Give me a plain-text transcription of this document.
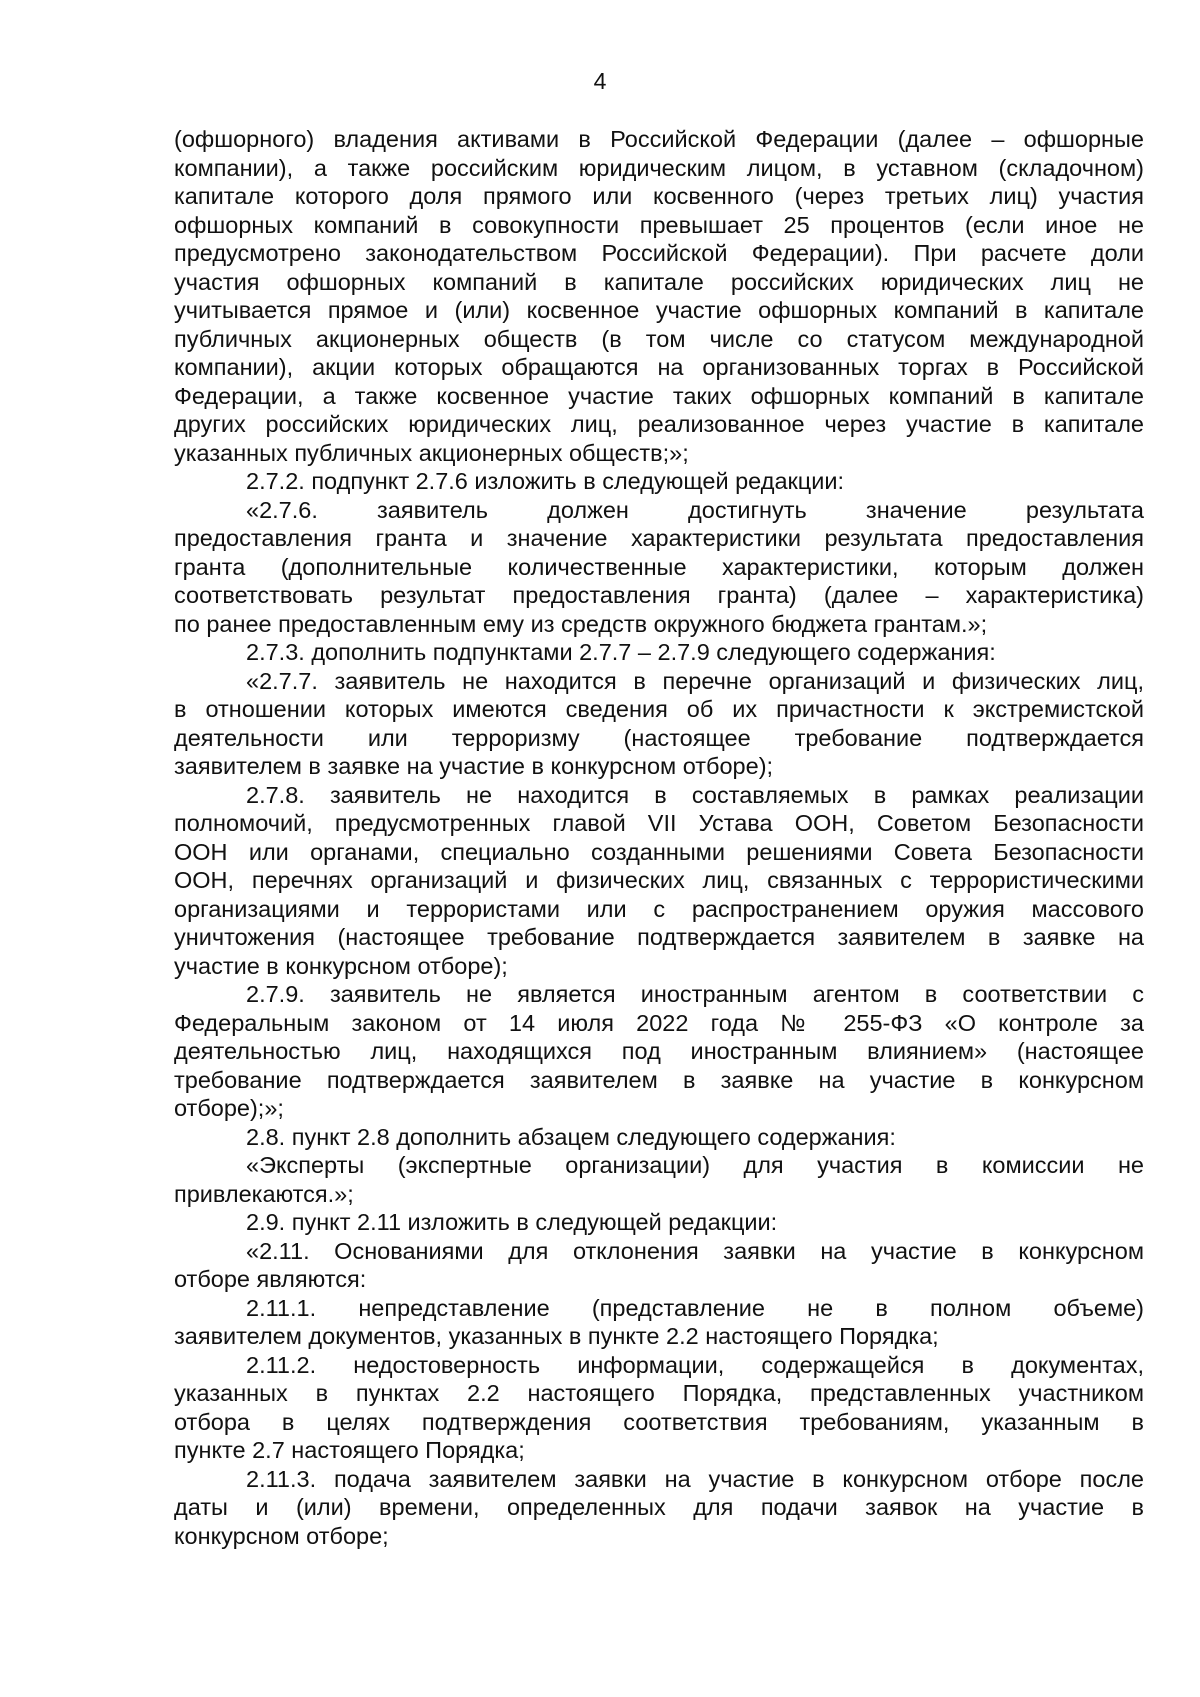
4
(офшорного) владения активами в Российской Федерации (далее – офшорные
компании), а также российским юридическим лицом, в уставном (складочном)
капитале которого доля прямого или косвенного (через третьих лиц) участия
офшорных компаний в совокупности превышает 25 процентов (если иное не
предусмотрено законодательством Российской Федерации). При расчете доли
участия офшорных компаний в капитале российских юридических лиц не
учитывается прямое и (или) косвенное участие офшорных компаний в капитале
публичных акционерных обществ (в том числе со статусом международной
компании), акции которых обращаются на организованных торгах в Российской
Федерации, а также косвенное участие таких офшорных компаний в капитале
других российских юридических лиц, реализованное через участие в капитале
указанных публичных акционерных обществ;»;
2.7.2. подпункт 2.7.6 изложить в следующей редакции:
«2.7.6. заявитель должен достигнуть значение результата
предоставления гранта и значение характеристики результата предоставления
гранта (дополнительные количественные характеристики, которым должен
соответствовать результат предоставления гранта) (далее – характеристика)
по ранее предоставленным ему из средств окружного бюджета грантам.»;
2.7.3. дополнить подпунктами 2.7.7 – 2.7.9 следующего содержания:
«2.7.7. заявитель не находится в перечне организаций и физических лиц,
в отношении которых имеются сведения об их причастности к экстремистской
деятельности или терроризму (настоящее требование подтверждается
заявителем в заявке на участие в конкурсном отборе);
2.7.8. заявитель не находится в составляемых в рамках реализации
полномочий, предусмотренных главой VII Устава ООН, Советом Безопасности
ООН или органами, специально созданными решениями Совета Безопасности
ООН, перечнях организаций и физических лиц, связанных с террористическими
организациями и террористами или с распространением оружия массового
уничтожения (настоящее требование подтверждается заявителем в заявке на
участие в конкурсном отборе);
2.7.9. заявитель не является иностранным агентом в соответствии с
Федеральным законом от 14 июля 2022 года № 255-ФЗ «О контроле за
деятельностью лиц, находящихся под иностранным влиянием» (настоящее
требование подтверждается заявителем в заявке на участие в конкурсном
отборе);»;
2.8. пункт 2.8 дополнить абзацем следующего содержания:
«Эксперты (экспертные организации) для участия в комиссии не
привлекаются.»;
2.9. пункт 2.11 изложить в следующей редакции:
«2.11. Основаниями для отклонения заявки на участие в конкурсном
отборе являются:
2.11.1. непредставление (представление не в полном объеме)
заявителем документов, указанных в пункте 2.2 настоящего Порядка;
2.11.2. недостоверность информации, содержащейся в документах,
указанных в пунктах 2.2 настоящего Порядка, представленных участником
отбора в целях подтверждения соответствия требованиям, указанным в
пункте 2.7 настоящего Порядка;
2.11.3. подача заявителем заявки на участие в конкурсном отборе после
даты и (или) времени, определенных для подачи заявок на участие в
конкурсном отборе;
